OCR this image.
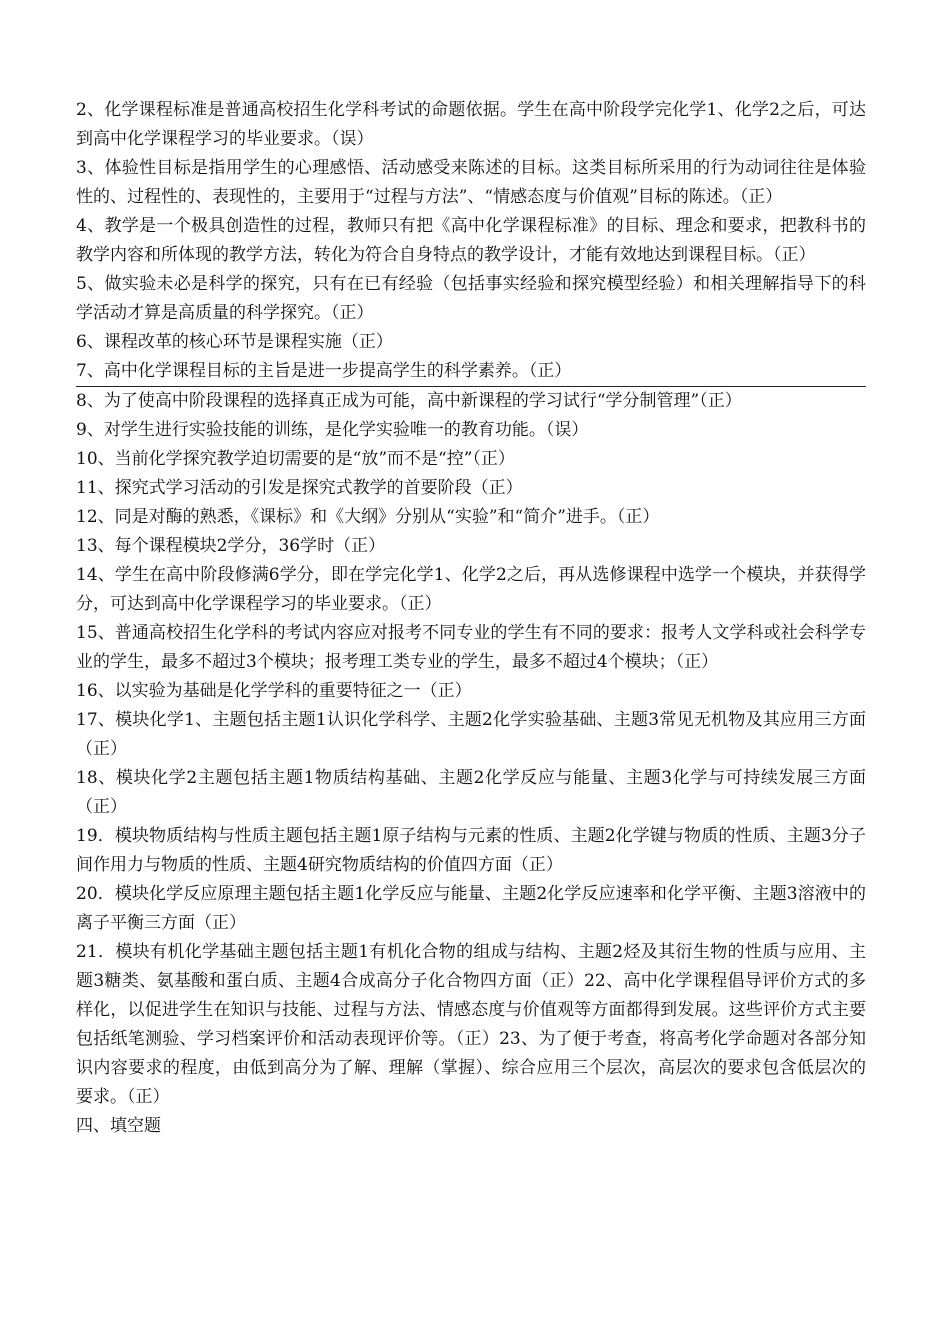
2、化学课程标准是普通高校招生化学科考试的命题依据。学生在高中阶段学完化学1、化学2之后，可达到高中化学课程学习的毕业要求。（误）

3、体验性目标是指用学生的心理感悟、活动感受来陈述的目标。这类目标所采用的行为动词往往是体验性的、过程性的、表现性的，主要用于“过程与方法”、“情感态度与价值观”目标的陈述。（正）

4、教学是一个极具创造性的过程，教师只有把《高中化学课程标准》的目标、理念和要求，把教科书的教学内容和所体现的教学方法，转化为符合自身特点的教学设计，才能有效地达到课程目标。（正）

5、做实验未必是科学的探究，只有在已有经验（包括事实经验和探究模型经验）和相关理解指导下的科学活动才算是高质量的科学探究。（正）

6、课程改革的核心环节是课程实施（正）

7、高中化学课程目标的主旨是进一步提高学生的科学素养。（正）

8、为了使高中阶段课程的选择真正成为可能，高中新课程的学习试行“学分制管理”（正）

9、对学生进行实验技能的训练，是化学实验唯一的教育功能。（误）

10、当前化学探究教学迫切需要的是“放”而不是“控”（正）

11、探究式学习活动的引发是探究式教学的首要阶段（正）

12、同是对酶的熟悉，《课标》和《大纲》分别从“实验”和“简介”进手。（正）

13、每个课程模块2学分，36学时（正）

14、学生在高中阶段修满6学分，即在学完化学1、化学2之后，再从选修课程中选学一个模块，并获得学分，可达到高中化学课程学习的毕业要求。（正）

15、普通高校招生化学科的考试内容应对报考不同专业的学生有不同的要求：报考人文学科或社会科学专业的学生，最多不超过3个模块；报考理工类专业的学生，最多不超过4个模块；（正）

16、以实验为基础是化学学科的重要特征之一（正）

17、模块化学1、主题包括主题1认识化学科学、主题2化学实验基础、主题3常见无机物及其应用三方面（正）

18、模块化学2主题包括主题1物质结构基础、主题2化学反应与能量、主题3化学与可持续发展三方面（正）

19．模块物质结构与性质主题包括主题1原子结构与元素的性质、主题2化学键与物质的性质、主题3分子间作用力与物质的性质、主题4研究物质结构的价值四方面（正）

20．模块化学反应原理主题包括主题1化学反应与能量、主题2化学反应速率和化学平衡、主题3溶液中的离子平衡三方面（正）

21．模块有机化学基础主题包括主题1有机化合物的组成与结构、主题2烃及其衍生物的性质与应用、主题3糖类、氨基酸和蛋白质、主题4合成高分子化合物四方面（正）22、高中化学课程倡导评价方式的多样化，以促进学生在知识与技能、过程与方法、情感态度与价值观等方面都得到发展。这些评价方式主要包括纸笔测验、学习档案评价和活动表现评价等。（正）23、为了便于考查，将高考化学命题对各部分知识内容要求的程度，由低到高分为了解、理解（掌握）、综合应用三个层次，高层次的要求包含低层次的要求。（正）

四、填空题
